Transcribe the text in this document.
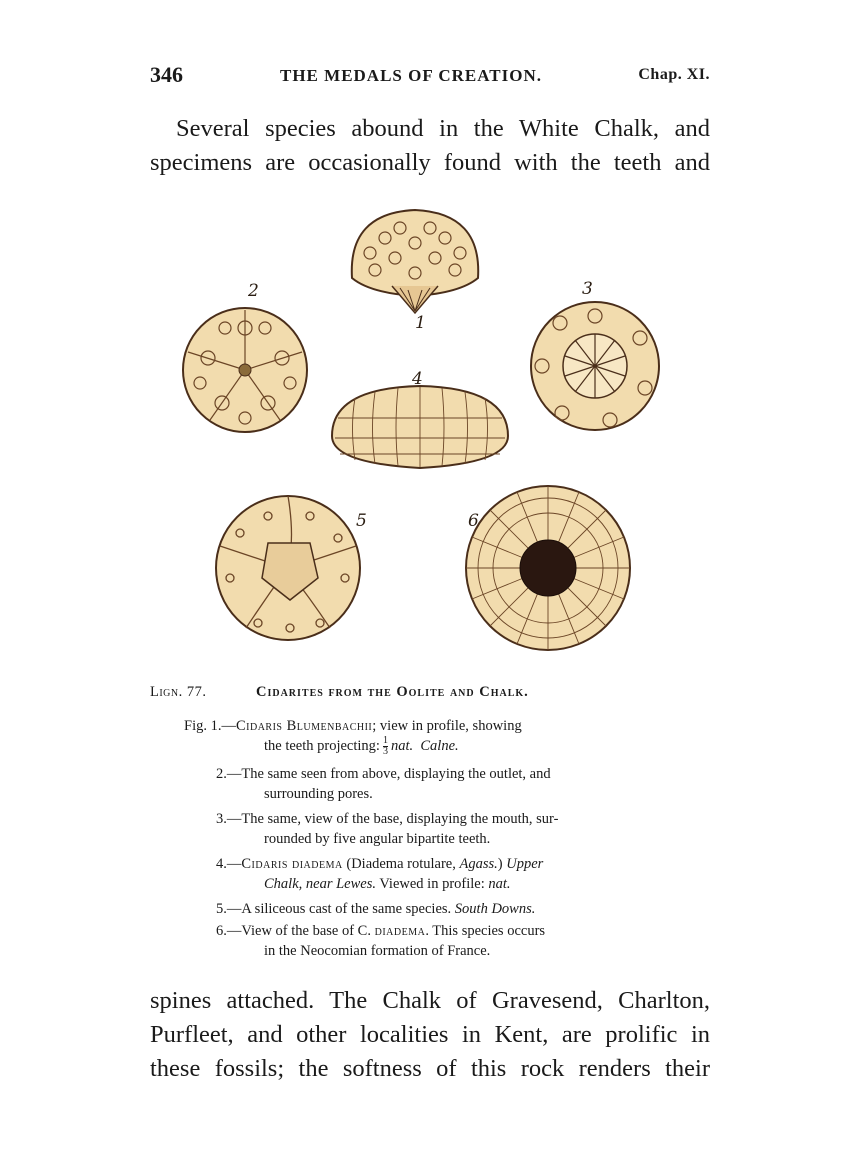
346	THE MEDALS OF CREATION.	Chap. XI.
Several species abound in the White Chalk, and
specimens are occasionally found with the teeth and
1
2	3
4
5	6
Lign. 77.	Cidarites from the Oolite and Chalk.
Fig. 1.—Cidaris Blumenbachii; view in profile, showing
the teeth projecting: $\frac{1}{3}$ nat. Calne.
2.—The same seen from above, displaying the outlet, and
surrounding pores.
3.—The same, view of the base, displaying the mouth, sur-
rounded by five angular bipartite teeth.
4.—Cidaris diadema (Diadema rotulare, Agass.) Upper
Chalk, near Lewes. Viewed in profile: nat.
5.—A siliceous cast of the same species. South Downs.
6.—View of the base of C. diadema. This species occurs
in the Neocomian formation of France.
spines attached. The Chalk of Gravesend, Charlton,
Purfleet, and other localities in Kent, are prolific in
these fossils; the softness of this rock renders their
